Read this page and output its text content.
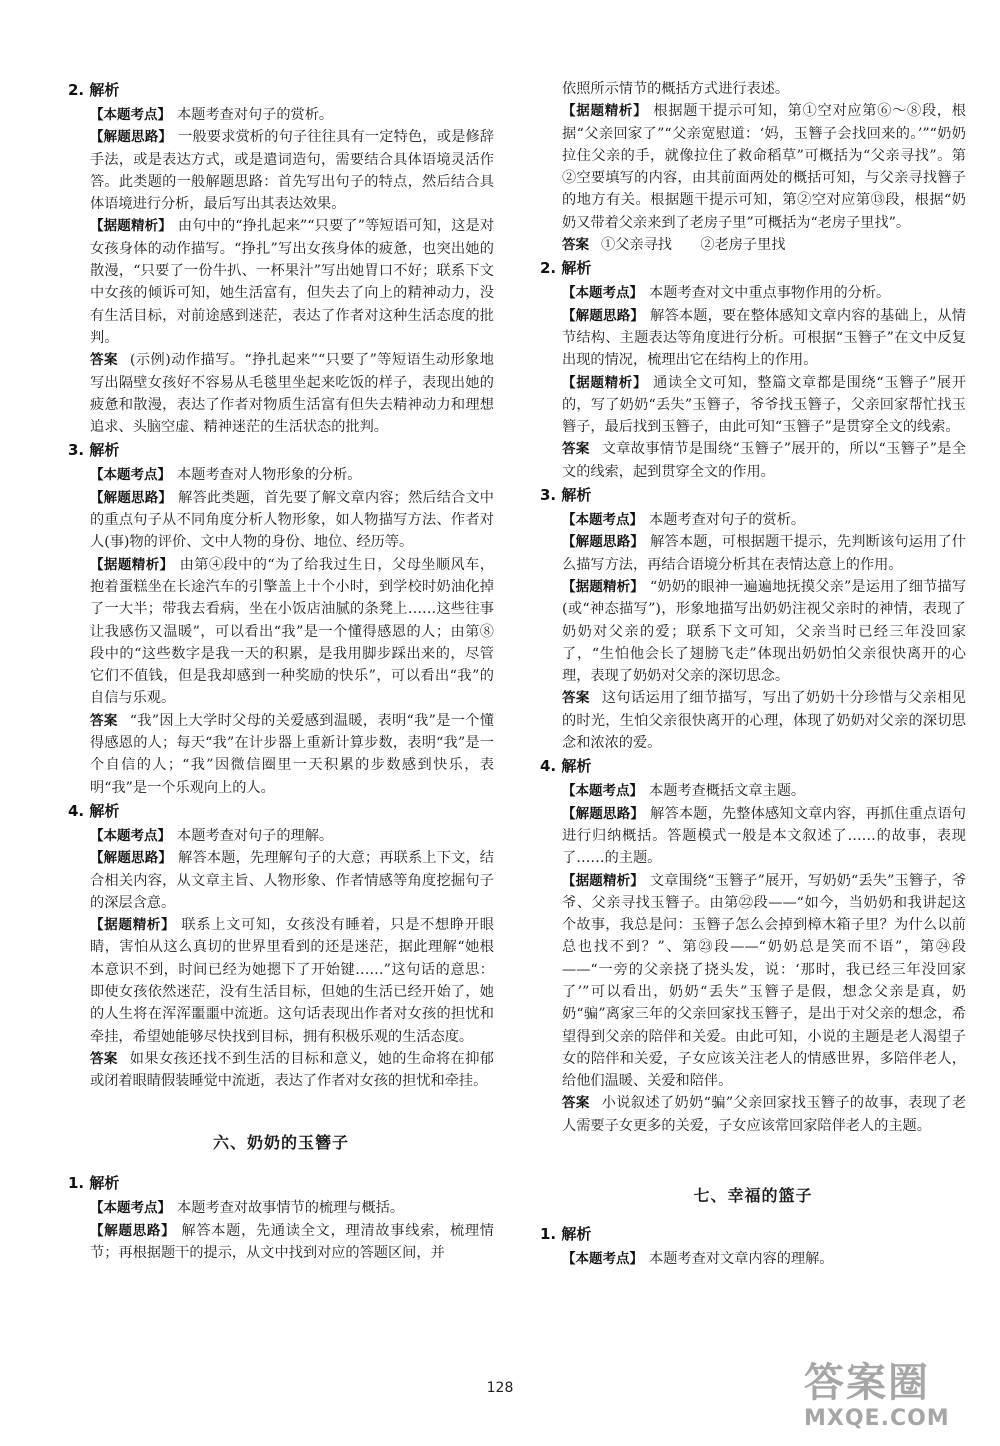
2. 解析
【本题考点】 本题考查对句子的赏析。
【解题思路】 一般要求赏析的句子往往具有一定特色，或是修辞手法，或是表达方式，或是遣词造句，需要结合具体语境灵活作答。此类题的一般解题思路：首先写出句子的特点，然后结合具体语境进行分析，最后写出其表达效果。
【据题精析】 由句中的“挣扎起来”“只要了”等短语可知，这是对女孩身体的动作描写。“挣扎”写出女孩身体的疲惫，也突出她的散漫，“只要了一份牛扒、一杯果汁”写出她胃口不好；联系下文中女孩的倾诉可知，她生活富有，但失去了向上的精神动力，没有生活目标，对前途感到迷茫，表达了作者对这种生活态度的批判。
答案 (示例)动作描写。“挣扎起来”“只要了”等短语生动形象地写出隔壁女孩好不容易从毛毯里坐起来吃饭的样子，表现出她的疲惫和散漫，表达了作者对物质生活富有但失去精神动力和理想追求、头脑空虚、精神迷茫的生活状态的批判。
3. 解析
【本题考点】 本题考查对人物形象的分析。
【解题思路】 解答此类题，首先要了解文章内容；然后结合文中的重点句子从不同角度分析人物形象，如人物描写方法、作者对人(事)物的评价、文中人物的身份、地位、经历等。
【据题精析】 由第④段中的“为了给我过生日，父母坐顺风车，抱着蛋糕坐在长途汽车的引擎盖上十个小时，到学校时奶油化掉了一大半；带我去看病，坐在小饭店油腻的条凳上……这些往事让我感伤又温暖”，可以看出“我”是一个懂得感恩的人；由第⑧段中的“这些数字是我一天的积累，是我用脚步踩出来的，尽管它们不值钱，但是我却感到一种奖励的快乐”，可以看出“我”的自信与乐观。
答案 “我”因上大学时父母的关爱感到温暖，表明“我”是一个懂得感恩的人；每天“我”在计步器上重新计算步数，表明“我”是一个自信的人；“我”因微信圈里一天积累的步数感到快乐，表明“我”是一个乐观向上的人。
4. 解析
【本题考点】 本题考查对句子的理解。
【解题思路】 解答本题，先理解句子的大意；再联系上下文，结合相关内容，从文章主旨、人物形象、作者情感等角度挖掘句子的深层含意。
【据题精析】 联系上文可知，女孩没有睡着，只是不想睁开眼睛，害怕从这么真切的世界里看到的还是迷茫，据此理解“她根本意识不到，时间已经为她摁下了开始键……”这句话的意思：即使女孩依然迷茫，没有生活目标，但她的生活已经开始了，她的人生将在浑浑噩噩中流逝。这句话表现出作者对女孩的担忧和牵挂，希望她能够尽快找到目标，拥有积极乐观的生活态度。
答案 如果女孩还找不到生活的目标和意义，她的生命将在抑郁或闭着眼睛假装睡觉中流逝，表达了作者对女孩的担忧和牵挂。
六、奶奶的玉簪子
1. 解析
【本题考点】 本题考查对故事情节的梳理与概括。
【解题思路】 解答本题，先通读全文，理清故事线索，梳理情节；再根据题干的提示，从文中找到对应的答题区间，并
依照所示情节的概括方式进行表述。
【据题精析】 根据题干提示可知，第①空对应第⑥～⑧段，根据“父亲回家了”“父亲宽慰道：‘妈，玉簪子会找回来的。’”“奶奶拉住父亲的手，就像拉住了救命稻草”可概括为“父亲寻找”。第②空要填写的内容，由其前面两处的概括可知，与父亲寻找簪子的地方有关。根据题干提示可知，第②空对应第⑬段，根据“奶奶又带着父亲来到了老房子里”可概括为“老房子里找”。
答案 ①父亲寻找　　②老房子里找
2. 解析
【本题考点】 本题考查对文中重点事物作用的分析。
【解题思路】 解答本题，要在整体感知文章内容的基础上，从情节结构、主题表达等角度进行分析。可根据“玉簪子”在文中反复出现的情况，梳理出它在结构上的作用。
【据题精析】 通读全文可知，整篇文章都是围绕“玉簪子”展开的，写了奶奶“丢失”玉簪子，爷爷找玉簪子，父亲回家帮忙找玉簪子，最后找到玉簪子，由此可知“玉簪子”是贯穿全文的线索。
答案 文章故事情节是围绕“玉簪子”展开的，所以“玉簪子”是全文的线索，起到贯穿全文的作用。
3. 解析
【本题考点】 本题考查对句子的赏析。
【解题思路】 解答本题，可根据题干提示，先判断该句运用了什么描写方法，再结合语境分析其在表情达意上的作用。
【据题精析】 “奶奶的眼神一遍遍地抚摸父亲”是运用了细节描写(或“神态描写”)，形象地描写出奶奶注视父亲时的神情，表现了奶奶对父亲的爱；联系下文可知，父亲当时已经三年没回家了，“生怕他会长了翅膀飞走”体现出奶奶怕父亲很快离开的心理，表现了奶奶对父亲的深切思念。
答案 这句话运用了细节描写，写出了奶奶十分珍惜与父亲相见的时光，生怕父亲很快离开的心理，体现了奶奶对父亲的深切思念和浓浓的爱。
4. 解析
【本题考点】 本题考查概括文章主题。
【解题思路】 解答本题，先整体感知文章内容，再抓住重点语句进行归纳概括。答题模式一般是本文叙述了……的故事，表现了……的主题。
【据题精析】 文章围绕“玉簪子”展开，写奶奶“丢失”玉簪子，爷爷、父亲寻找玉簪子。由第㉒段——“如今，当奶奶和我讲起这个故事，我总是问：玉簪子怎么会掉到樟木箱子里？为什么以前总也找不到？”、第㉓段——“奶奶总是笑而不语”，第㉔段——“一旁的父亲挠了挠头发，说：‘那时，我已经三年没回家了’”可以看出，奶奶“丢失”玉簪子是假，想念父亲是真，奶奶“骗”离家三年的父亲回家找玉簪子，是出于对父亲的想念，希望得到父亲的陪伴和关爱。由此可知，小说的主题是老人渴望子女的陪伴和关爱，子女应该关注老人的情感世界，多陪伴老人，给他们温暖、关爱和陪伴。
答案 小说叙述了奶奶“骗”父亲回家找玉簪子的故事，表现了老人需要子女更多的关爱，子女应该常回家陪伴老人的主题。
七、幸福的篮子
1. 解析
【本题考点】 本题考查对文章内容的理解。
128	答案圈
MXQE.COM
